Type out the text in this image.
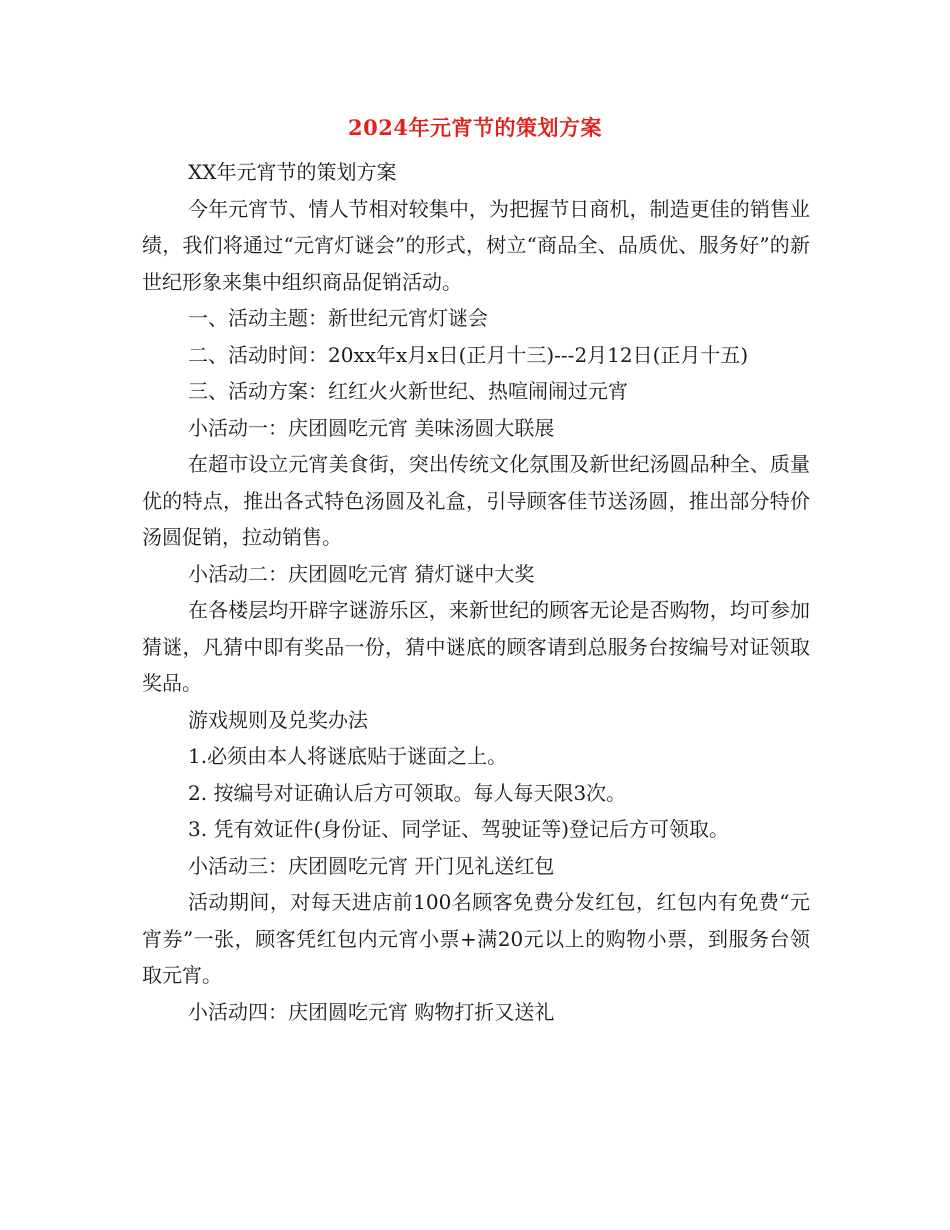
2024年元宵节的策划方案

XX年元宵节的策划方案

今年元宵节、情人节相对较集中，为把握节日商机，制造更佳的销售业绩，我们将通过“元宵灯谜会”的形式，树立“商品全、品质优、服务好”的新世纪形象来集中组织商品促销活动。

一、活动主题：新世纪元宵灯谜会

二、活动时间：20xx年x月x日(正月十三)---2月12日(正月十五)

三、活动方案：红红火火新世纪、热喧闹闹过元宵

小活动一：庆团圆吃元宵 美味汤圆大联展

在超市设立元宵美食街，突出传统文化氛围及新世纪汤圆品种全、质量优的特点，推出各式特色汤圆及礼盒，引导顾客佳节送汤圆，推出部分特价汤圆促销，拉动销售。

小活动二：庆团圆吃元宵 猜灯谜中大奖

在各楼层均开辟字谜游乐区，来新世纪的顾客无论是否购物，均可参加猜谜，凡猜中即有奖品一份，猜中谜底的顾客请到总服务台按编号对证领取奖品。

游戏规则及兑奖办法

1.必须由本人将谜底贴于谜面之上。

2. 按编号对证确认后方可领取。每人每天限3次。

3. 凭有效证件(身份证、同学证、驾驶证等)登记后方可领取。

小活动三：庆团圆吃元宵 开门见礼送红包

活动期间，对每天进店前100名顾客免费分发红包，红包内有免费“元宵券”一张，顾客凭红包内元宵小票+满20元以上的购物小票，到服务台领取元宵。

小活动四：庆团圆吃元宵 购物打折又送礼
